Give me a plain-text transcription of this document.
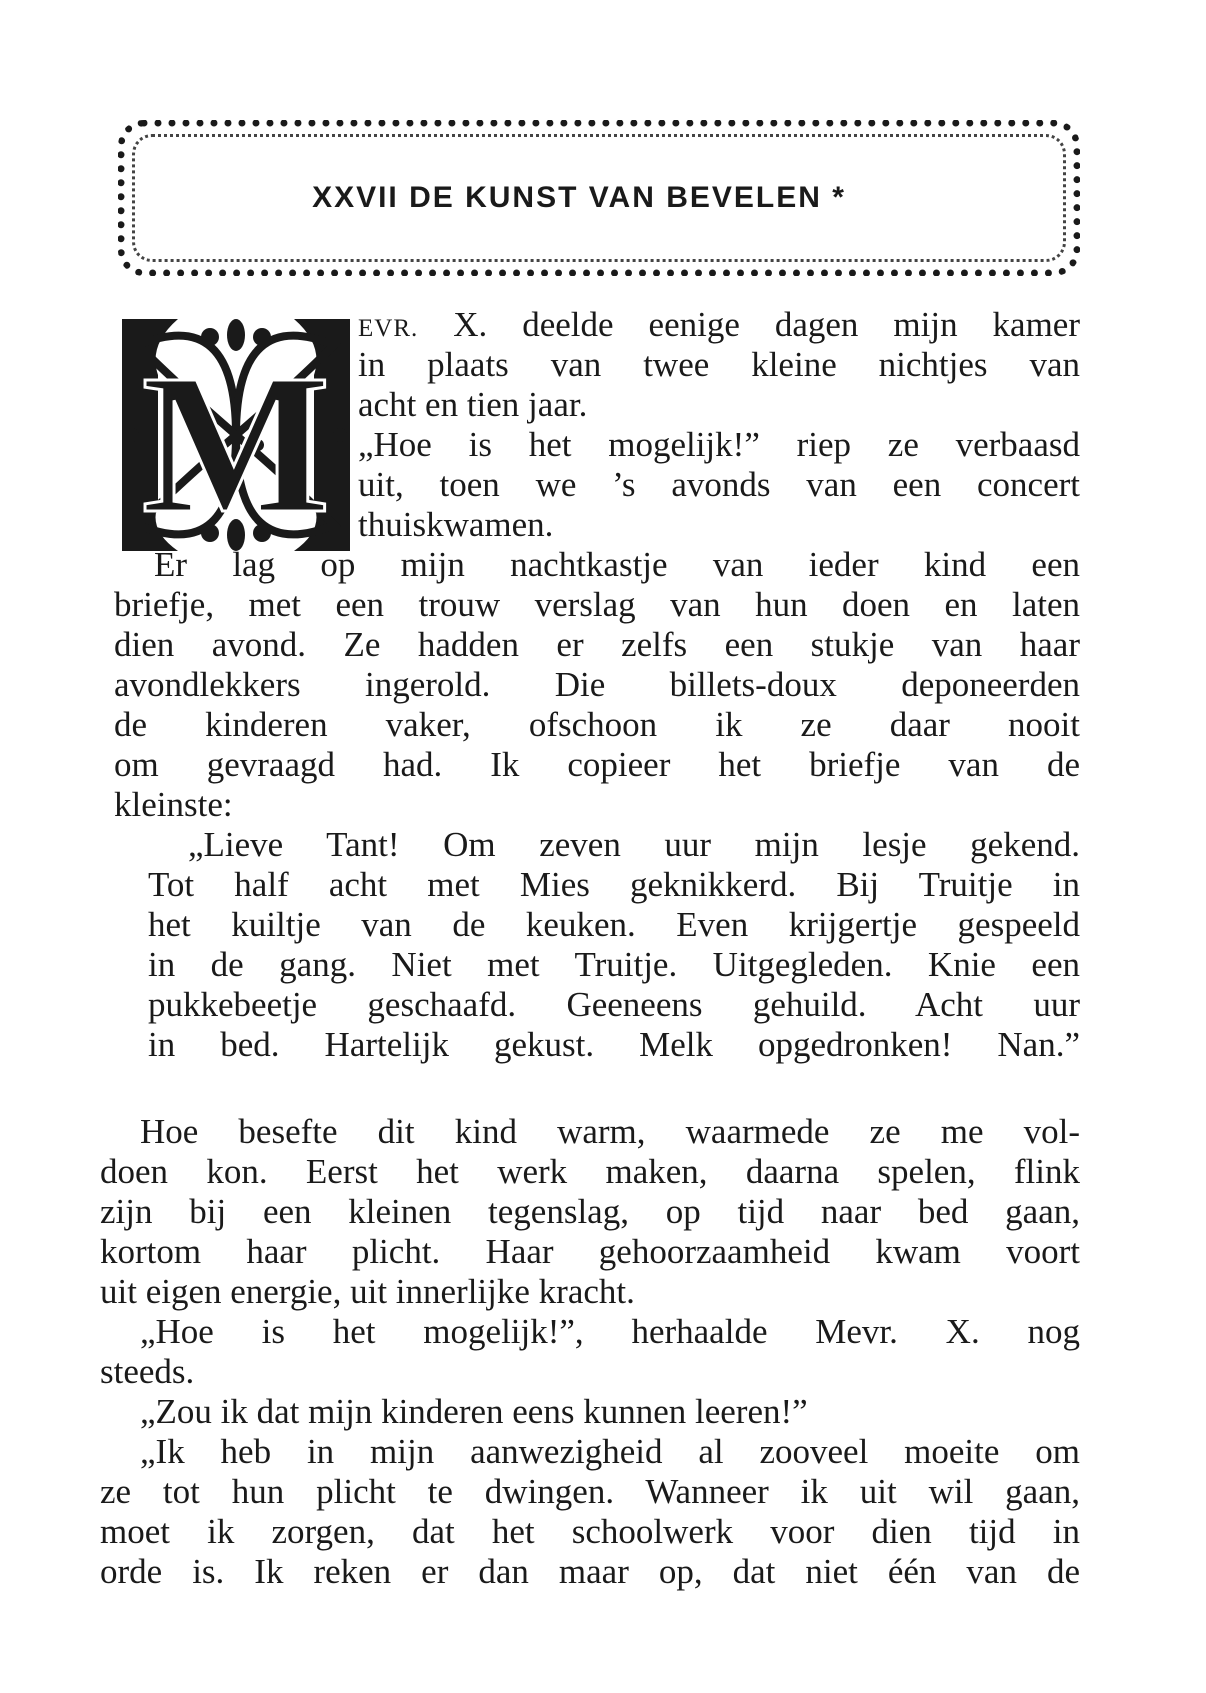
XXVII DE KUNST VAN BEVELEN *
M
EVR. X. deelde eenige dagen mijn kamer
in plaats van twee kleine nichtjes van
acht en tien jaar.
„Hoe is het mogelijk!” riep ze verbaasd
uit, toen we ’s avonds van een concert
thuiskwamen.
Er lag op mijn nachtkastje van ieder kind een
briefje, met een trouw verslag van hun doen en laten
dien avond. Ze hadden er zelfs een stukje van haar
avondlekkers ingerold. Die billets-doux deponeerden
de kinderen vaker, ofschoon ik ze daar nooit
om gevraagd had. Ik copieer het briefje van de
kleinste:
„Lieve Tant! Om zeven uur mijn lesje gekend.
Tot half acht met Mies geknikkerd. Bij Truitje in
het kuiltje van de keuken. Even krijgertje gespeeld
in de gang. Niet met Truitje. Uitgegleden. Knie een
pukkebeetje geschaafd. Geeneens gehuild. Acht uur
in bed. Hartelijk gekust. Melk opgedronken! Nan.”
Hoe besefte dit kind warm, waarmede ze me vol-
doen kon. Eerst het werk maken, daarna spelen, flink
zijn bij een kleinen tegenslag, op tijd naar bed gaan,
kortom haar plicht. Haar gehoorzaamheid kwam voort
uit eigen energie, uit innerlijke kracht.
„Hoe is het mogelijk!”, herhaalde Mevr. X. nog
steeds.
„Zou ik dat mijn kinderen eens kunnen leeren!”
„Ik heb in mijn aanwezigheid al zooveel moeite om
ze tot hun plicht te dwingen. Wanneer ik uit wil gaan,
moet ik zorgen, dat het schoolwerk voor dien tijd in
orde is. Ik reken er dan maar op, dat niet één van de
